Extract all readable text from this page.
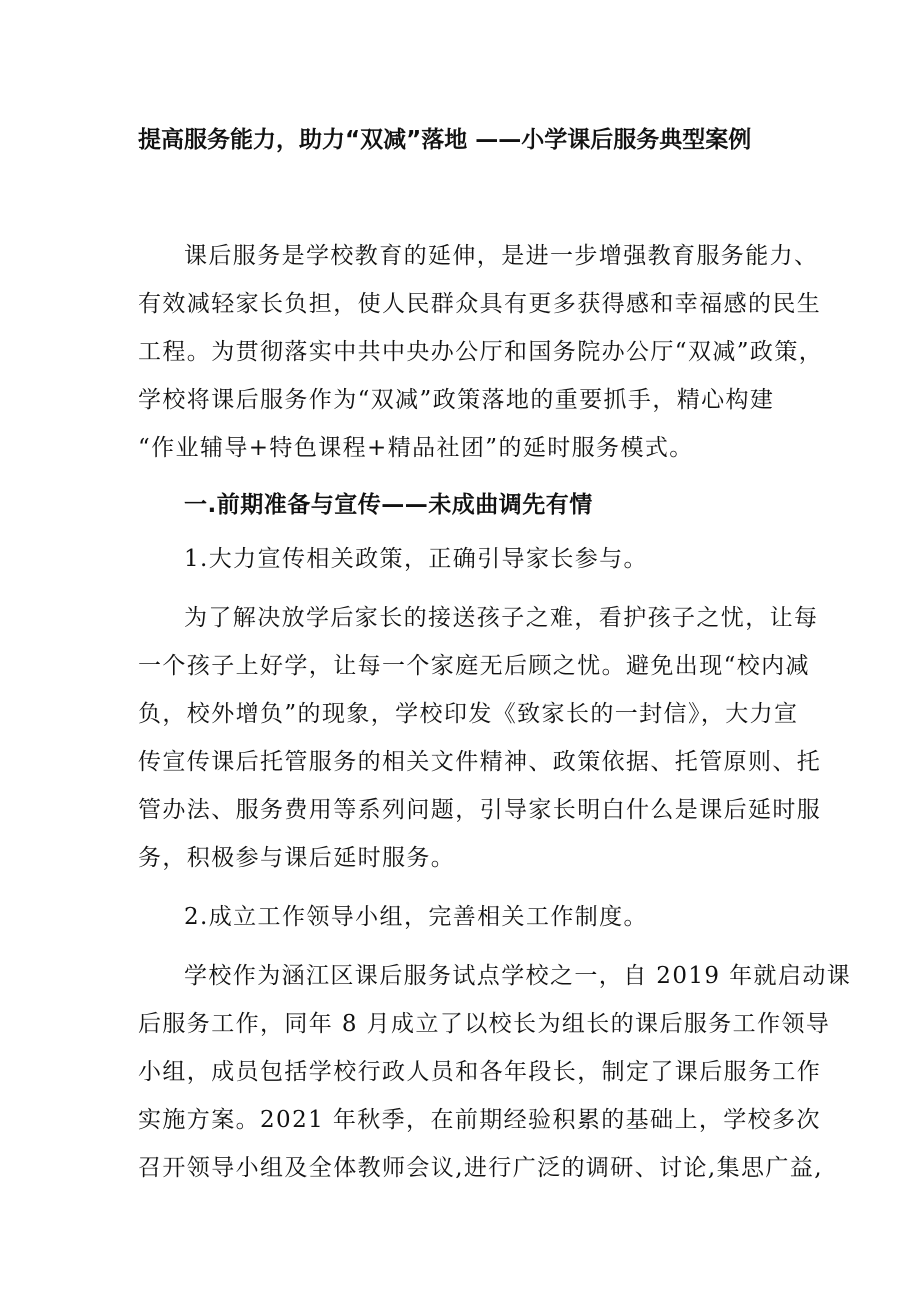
提高服务能力，助力“双减”落地 ——小学课后服务典型案例
课后服务是学校教育的延伸，是进一步增强教育服务能力、
有效减轻家长负担，使人民群众具有更多获得感和幸福感的民生
工程。为贯彻落实中共中央办公厅和国务院办公厅“双减”政策，
学校将课后服务作为“双减”政策落地的重要抓手，精心构建
“作业辅导+特色课程+精品社团”的延时服务模式。
一.前期准备与宣传——未成曲调先有情
1.大力宣传相关政策，正确引导家长参与。
为了解决放学后家长的接送孩子之难，看护孩子之忧，让每
一个孩子上好学，让每一个家庭无后顾之忧。避免出现“校内减
负，校外增负”的现象，学校印发《致家长的一封信》，大力宣
传宣传课后托管服务的相关文件精神、政策依据、托管原则、托
管办法、服务费用等系列问题，引导家长明白什么是课后延时服
务，积极参与课后延时服务。
2.成立工作领导小组，完善相关工作制度。
学校作为涵江区课后服务试点学校之一，自 2019 年就启动课
后服务工作，同年 8 月成立了以校长为组长的课后服务工作领导
小组，成员包括学校行政人员和各年段长，制定了课后服务工作
实施方案。2021 年秋季，在前期经验积累的基础上，学校多次
召开领导小组及全体教师会议,进行广泛的调研、讨论,集思广益,
